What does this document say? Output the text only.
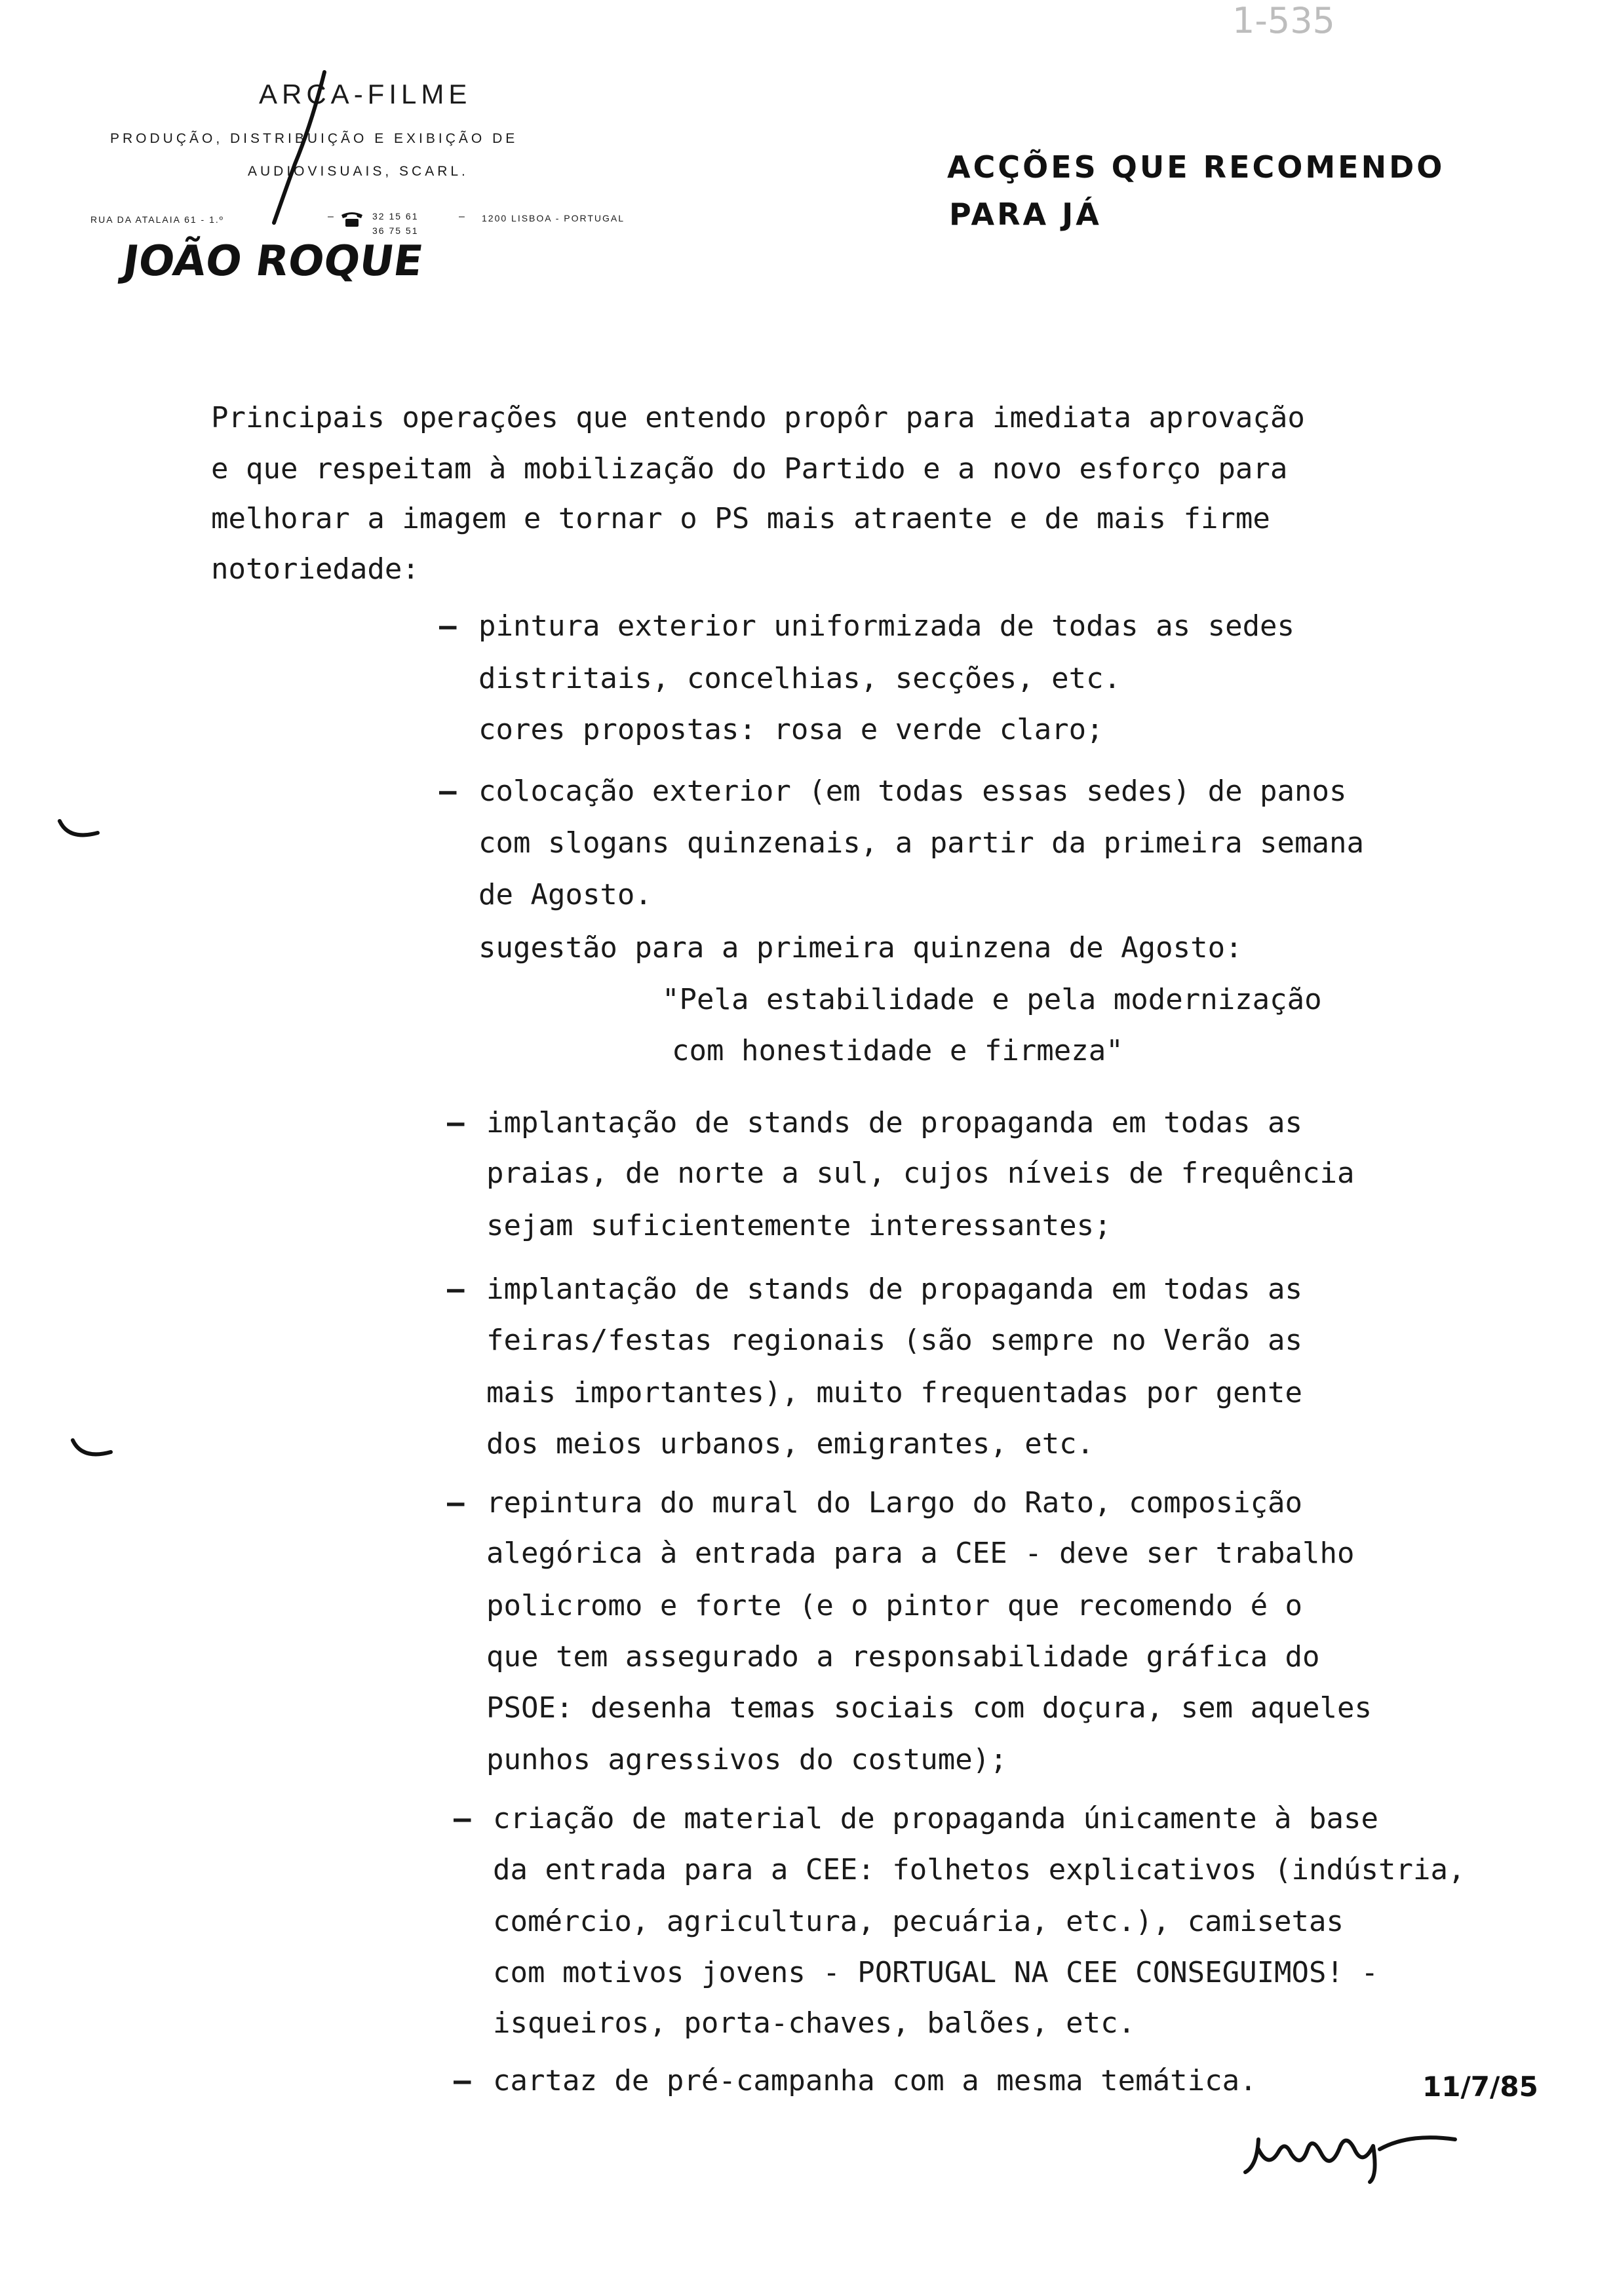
1-535
ARCA-FILME
PRODUÇÃO, DISTRIBUIÇÃO E EXIBIÇÃO DE
AUDIOVISUAIS, SCARL.
RUA DA ATALAIA 61 - 1.º	–	32 15 61
36 75 51
– 1200 LISBOA - PORTUGAL
JOÃO ROQUE
ACÇÕES QUE RECOMENDO
PARA JÁ
Principais operações que entendo propôr para imediata aprovação
e que respeitam à mobilização do Partido e a novo esforço para
melhorar a imagem e tornar o PS mais atraente e de mais firme
notoriedade:
– pintura exterior uniformizada de todas as sedes
distritais, concelhias, secções, etc.
cores propostas: rosa e verde claro;
– colocação exterior (em todas essas sedes) de panos
com slogans quinzenais, a partir da primeira semana
de Agosto.
sugestão para a primeira quinzena de Agosto:
"Pela estabilidade e pela modernização
com honestidade e firmeza"
– implantação de stands de propaganda em todas as
praias, de norte a sul, cujos níveis de frequência
sejam suficientemente interessantes;
– implantação de stands de propaganda em todas as
feiras/festas regionais (são sempre no Verão as
mais importantes), muito frequentadas por gente
dos meios urbanos, emigrantes, etc.
– repintura do mural do Largo do Rato, composição
alegórica à entrada para a CEE - deve ser trabalho
policromo e forte (e o pintor que recomendo é o
que tem assegurado a responsabilidade gráfica do
PSOE: desenha temas sociais com doçura, sem aqueles
punhos agressivos do costume);
– criação de material de propaganda únicamente à base
da entrada para a CEE: folhetos explicativos (indústria,
comércio, agricultura, pecuária, etc.), camisetas
com motivos jovens - PORTUGAL NA CEE CONSEGUIMOS! -
isqueiros, porta-chaves, balões, etc.
– cartaz de pré-campanha com a mesma temática.	11/7/85
